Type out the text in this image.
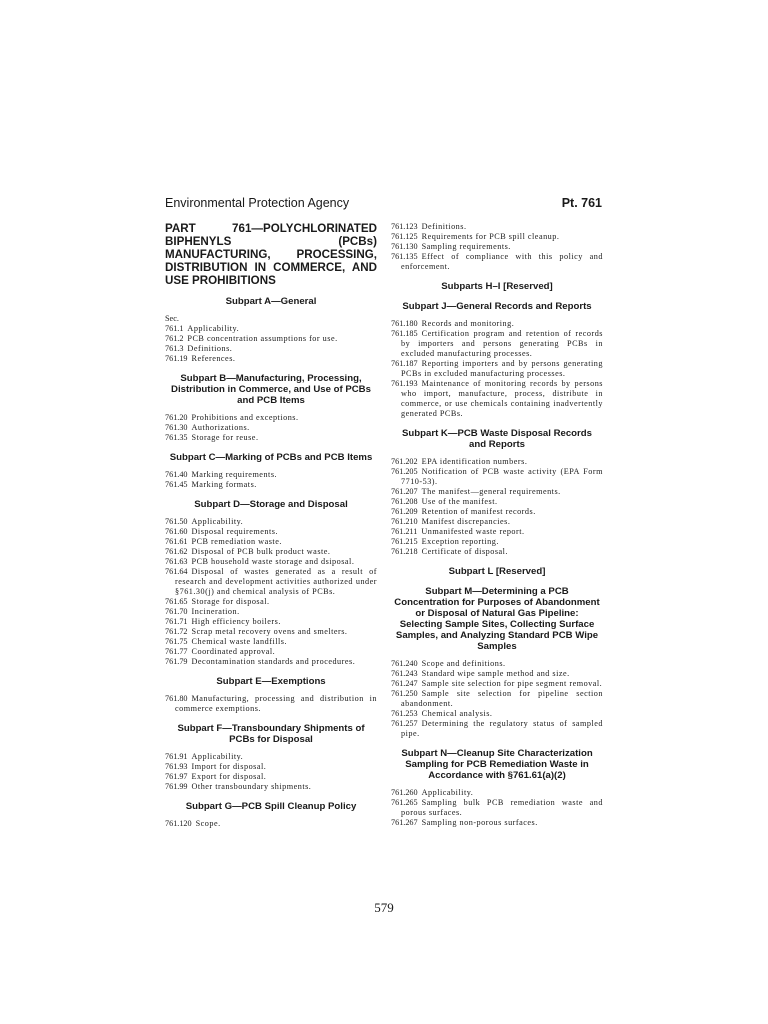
Environmental Protection Agency	Pt. 761
PART 761—POLYCHLORINATED BIPHENYLS (PCBs) MANUFACTURING, PROCESSING, DISTRIBUTION IN COMMERCE, AND USE PROHIBITIONS
Subpart A—General
Sec.
761.1 Applicability.
761.2 PCB concentration assumptions for use.
761.3 Definitions.
761.19 References.
Subpart B—Manufacturing, Processing, Distribution in Commerce, and Use of PCBs and PCB Items
761.20 Prohibitions and exceptions.
761.30 Authorizations.
761.35 Storage for reuse.
Subpart C—Marking of PCBs and PCB Items
761.40 Marking requirements.
761.45 Marking formats.
Subpart D—Storage and Disposal
761.50 Applicability.
761.60 Disposal requirements.
761.61 PCB remediation waste.
761.62 Disposal of PCB bulk product waste.
761.63 PCB household waste storage and dsiposal.
761.64 Disposal of wastes generated as a result of research and development activities authorized under §761.30(j) and chemical analysis of PCBs.
761.65 Storage for disposal.
761.70 Incineration.
761.71 High efficiency boilers.
761.72 Scrap metal recovery ovens and smelters.
761.75 Chemical waste landfills.
761.77 Coordinated approval.
761.79 Decontamination standards and procedures.
Subpart E—Exemptions
761.80 Manufacturing, processing and distribution in commerce exemptions.
Subpart F—Transboundary Shipments of PCBs for Disposal
761.91 Applicability.
761.93 Import for disposal.
761.97 Export for disposal.
761.99 Other transboundary shipments.
Subpart G—PCB Spill Cleanup Policy
761.120 Scope.
761.123 Definitions.
761.125 Requirements for PCB spill cleanup.
761.130 Sampling requirements.
761.135 Effect of compliance with this policy and enforcement.
Subparts H–I [Reserved]
Subpart J—General Records and Reports
761.180 Records and monitoring.
761.185 Certification program and retention of records by importers and persons generating PCBs in excluded manufacturing processes.
761.187 Reporting importers and by persons generating PCBs in excluded manufacturing processes.
761.193 Maintenance of monitoring records by persons who import, manufacture, process, distribute in commerce, or use chemicals containing inadvertently generated PCBs.
Subpart K—PCB Waste Disposal Records and Reports
761.202 EPA identification numbers.
761.205 Notification of PCB waste activity (EPA Form 7710-53).
761.207 The manifest—general requirements.
761.208 Use of the manifest.
761.209 Retention of manifest records.
761.210 Manifest discrepancies.
761.211 Unmanifested waste report.
761.215 Exception reporting.
761.218 Certificate of disposal.
Subpart L [Reserved]
Subpart M—Determining a PCB Concentration for Purposes of Abandonment or Disposal of Natural Gas Pipeline: Selecting Sample Sites, Collecting Surface Samples, and Analyzing Standard PCB Wipe Samples
761.240 Scope and definitions.
761.243 Standard wipe sample method and size.
761.247 Sample site selection for pipe segment removal.
761.250 Sample site selection for pipeline section abandonment.
761.253 Chemical analysis.
761.257 Determining the regulatory status of sampled pipe.
Subpart N—Cleanup Site Characterization Sampling for PCB Remediation Waste in Accordance with §761.61(a)(2)
761.260 Applicability.
761.265 Sampling bulk PCB remediation waste and porous surfaces.
761.267 Sampling non-porous surfaces.
579
